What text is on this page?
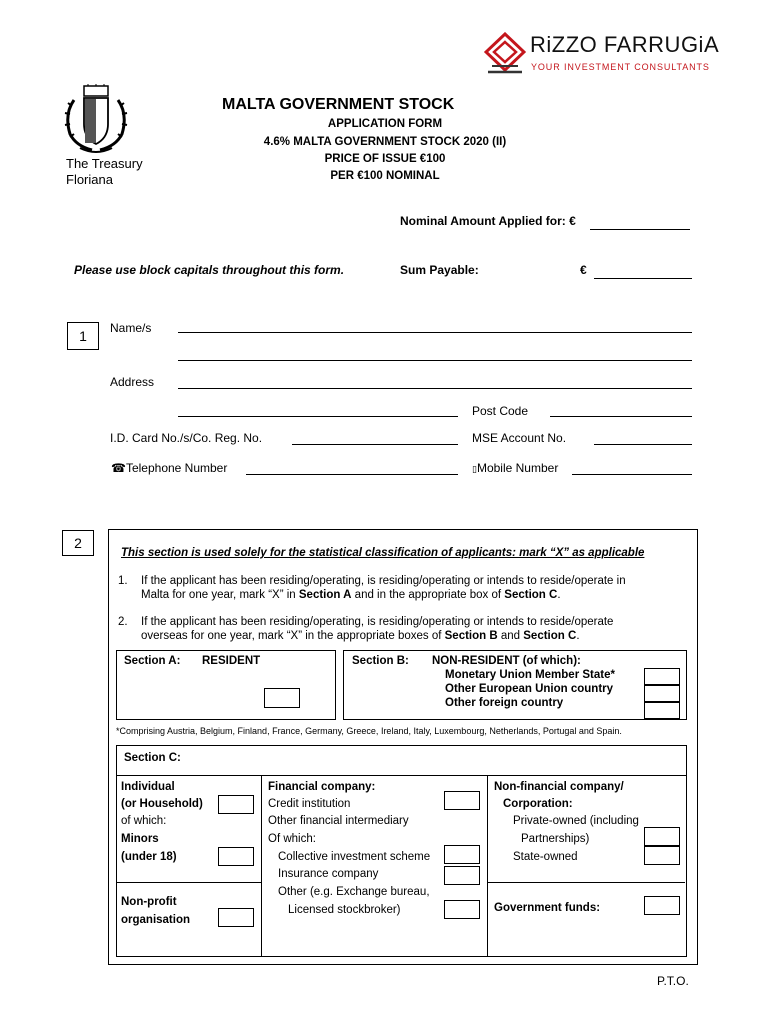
RiZZO FARRUGiA
YOUR INVESTMENT CONSULTANTS
The Treasury
Floriana
MALTA GOVERNMENT STOCK
APPLICATION FORM
4.6% MALTA GOVERNMENT STOCK 2020 (II)
PRICE OF ISSUE €100
PER €100 NOMINAL
Nominal Amount Applied for: €
Please use block capitals throughout this form.	Sum Payable:	€
1	Name/s
Address
Post Code
I.D. Card No./s/Co. Reg. No.	MSE Account No.
☎Telephone Number	▯Mobile Number
2
This section is used solely for the statistical classification of applicants: mark “X” as applicable
1. If the applicant has been residing/operating, is residing/operating or intends to reside/operate in
Malta for one year, mark “X” in Section A and in the appropriate box of Section C.
2. If the applicant has been residing/operating, is residing/operating or intends to reside/operate
overseas for one year, mark “X” in the appropriate boxes of Section B and Section C.
Section A: RESIDENT	Section B: NON-RESIDENT (of which):
Monetary Union Member State*
Other European Union country
Other foreign country
*Comprising Austria, Belgium, Finland, France, Germany, Greece, Ireland, Italy, Luxembourg, Netherlands, Portugal and Spain.
Section C:
Individual
(or Household)
of which:
Minors
(under 18)
Non-profit
organisation
Financial company:
Credit institution
Other financial intermediary
Of which:
Collective investment scheme
Insurance company
Other (e.g. Exchange bureau,
Licensed stockbroker)
Non-financial company/
Corporation:
Private-owned (including
Partnerships)
State-owned
Government funds:
P.T.O.
